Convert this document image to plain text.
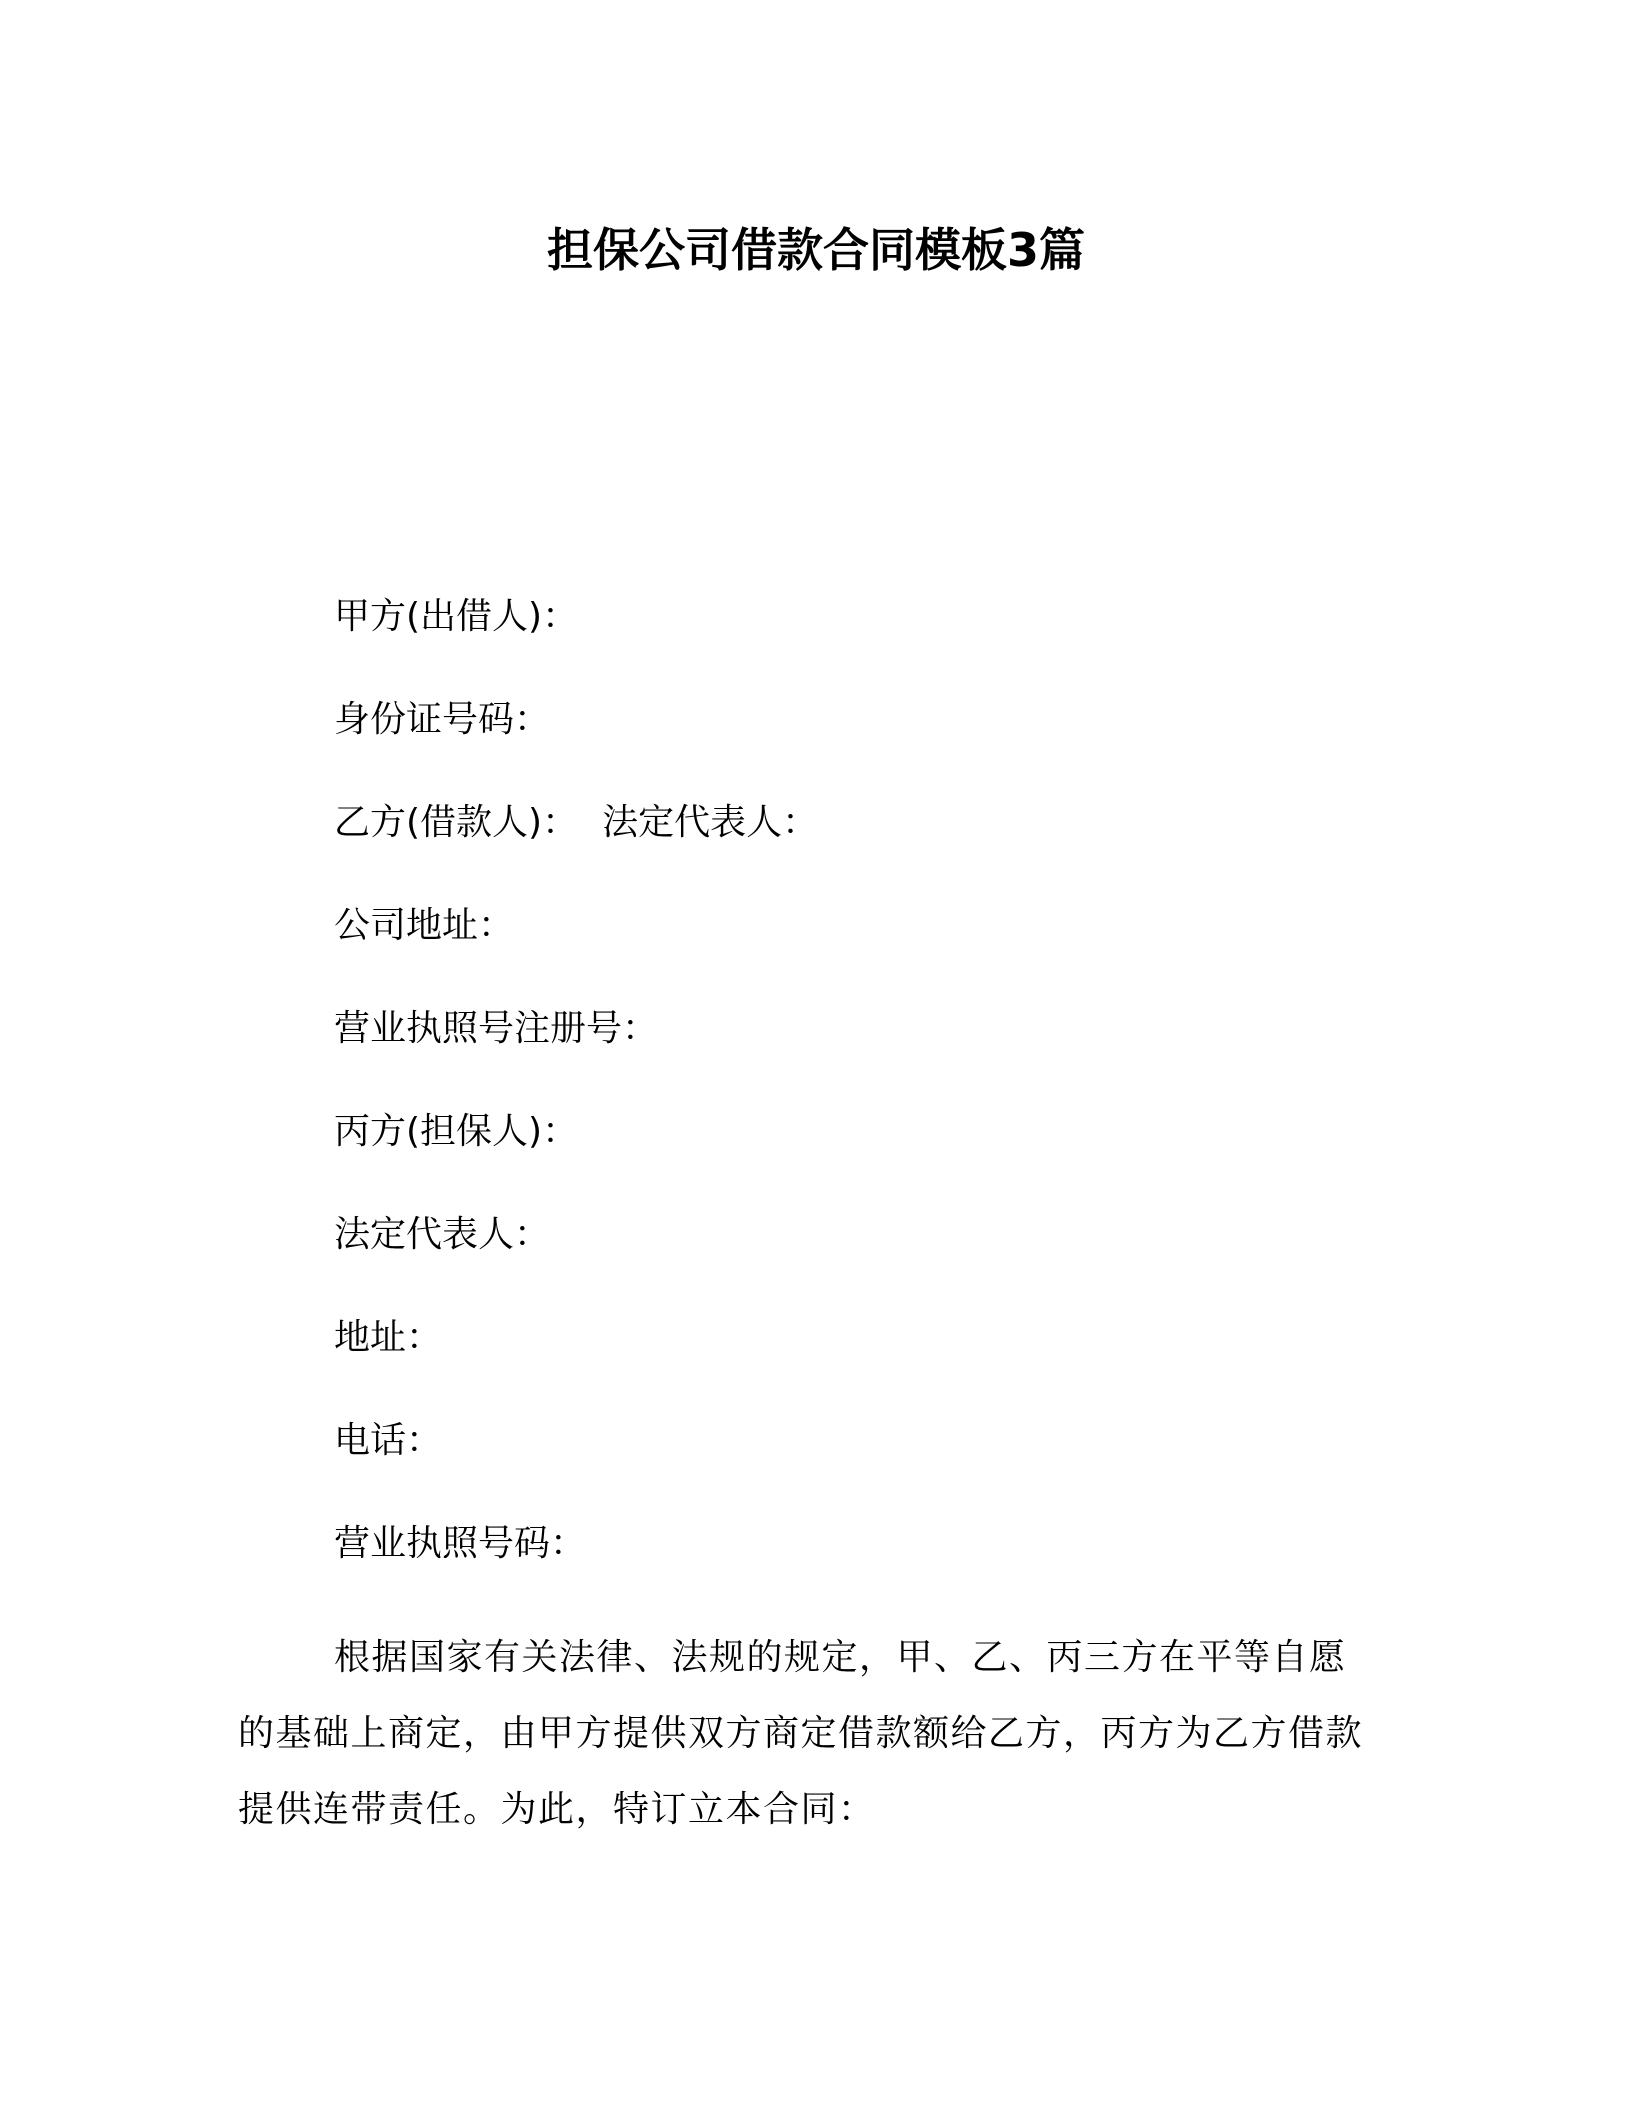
担保公司借款合同模板3篇
甲方(出借人)：
身份证号码：
乙方(借款人)： 法定代表人：
公司地址：
营业执照号注册号：
丙方(担保人)：
法定代表人：
地址：
电话：
营业执照号码：
根据国家有关法律、法规的规定，甲、乙、丙三方在平等自愿的基础上商定，由甲方提供双方商定借款额给乙方，丙方为乙方借款提供连带责任。为此，特订立本合同：
